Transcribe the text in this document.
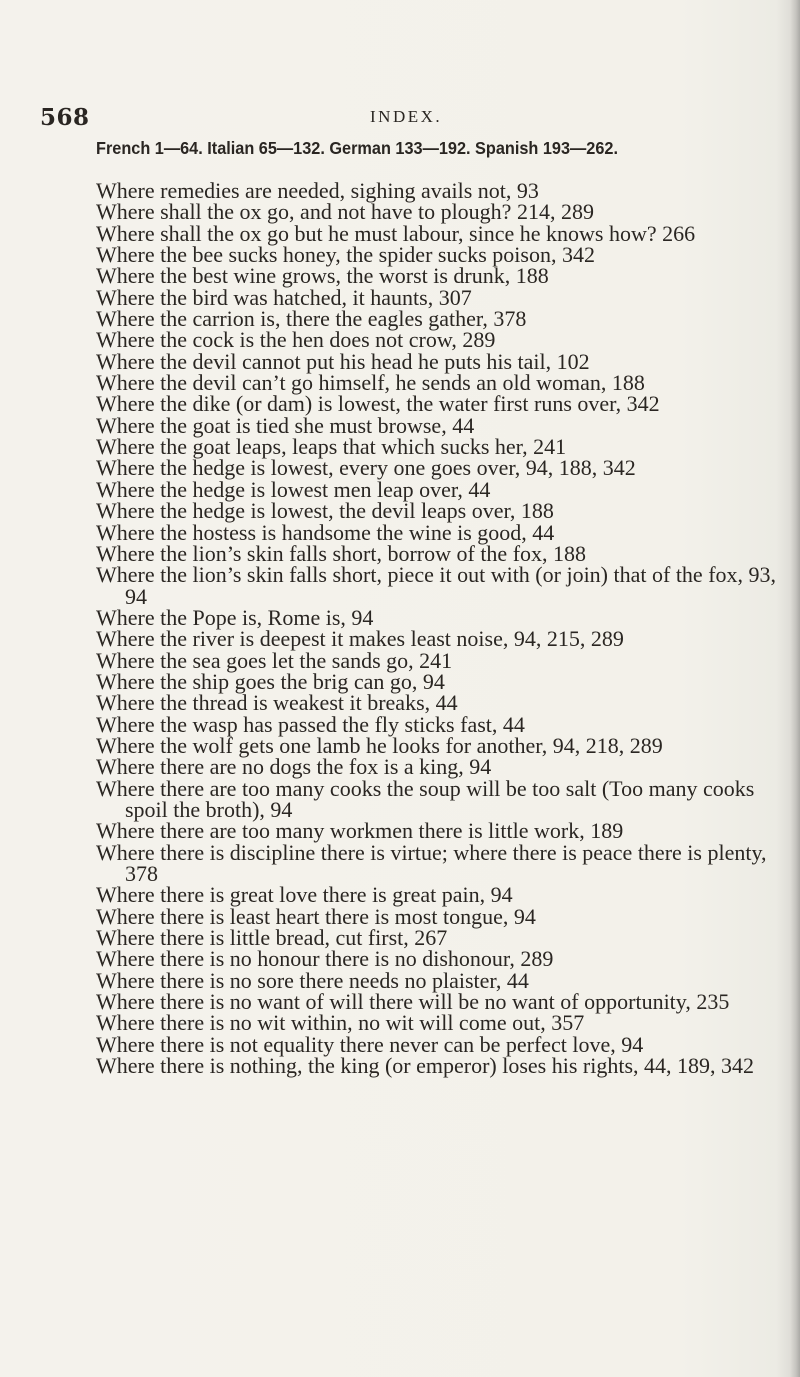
568	INDEX.
French 1—64. Italian 65—132. German 133—192. Spanish 193—262.
Where remedies are needed, sighing avails not, 93
Where shall the ox go, and not have to plough? 214, 289
Where shall the ox go but he must labour, since he knows how? 266
Where the bee sucks honey, the spider sucks poison, 342
Where the best wine grows, the worst is drunk, 188
Where the bird was hatched, it haunts, 307
Where the carrion is, there the eagles gather, 378
Where the cock is the hen does not crow, 289
Where the devil cannot put his head he puts his tail, 102
Where the devil can’t go himself, he sends an old woman, 188
Where the dike (or dam) is lowest, the water first runs over, 342
Where the goat is tied she must browse, 44
Where the goat leaps, leaps that which sucks her, 241
Where the hedge is lowest, every one goes over, 94, 188, 342
Where the hedge is lowest men leap over, 44
Where the hedge is lowest, the devil leaps over, 188
Where the hostess is handsome the wine is good, 44
Where the lion’s skin falls short, borrow of the fox, 188
Where the lion’s skin falls short, piece it out with (or join) that of the fox, 93, 94
Where the Pope is, Rome is, 94
Where the river is deepest it makes least noise, 94, 215, 289
Where the sea goes let the sands go, 241
Where the ship goes the brig can go, 94
Where the thread is weakest it breaks, 44
Where the wasp has passed the fly sticks fast, 44
Where the wolf gets one lamb he looks for another, 94, 218, 289
Where there are no dogs the fox is a king, 94
Where there are too many cooks the soup will be too salt (Too many cooks spoil the broth), 94
Where there are too many workmen there is little work, 189
Where there is discipline there is virtue; where there is peace there is plenty, 378
Where there is great love there is great pain, 94
Where there is least heart there is most tongue, 94
Where there is little bread, cut first, 267
Where there is no honour there is no dishonour, 289
Where there is no sore there needs no plaister, 44
Where there is no want of will there will be no want of opportunity, 235
Where there is no wit within, no wit will come out, 357
Where there is not equality there never can be perfect love, 94
Where there is nothing, the king (or emperor) loses his rights, 44, 189, 342
